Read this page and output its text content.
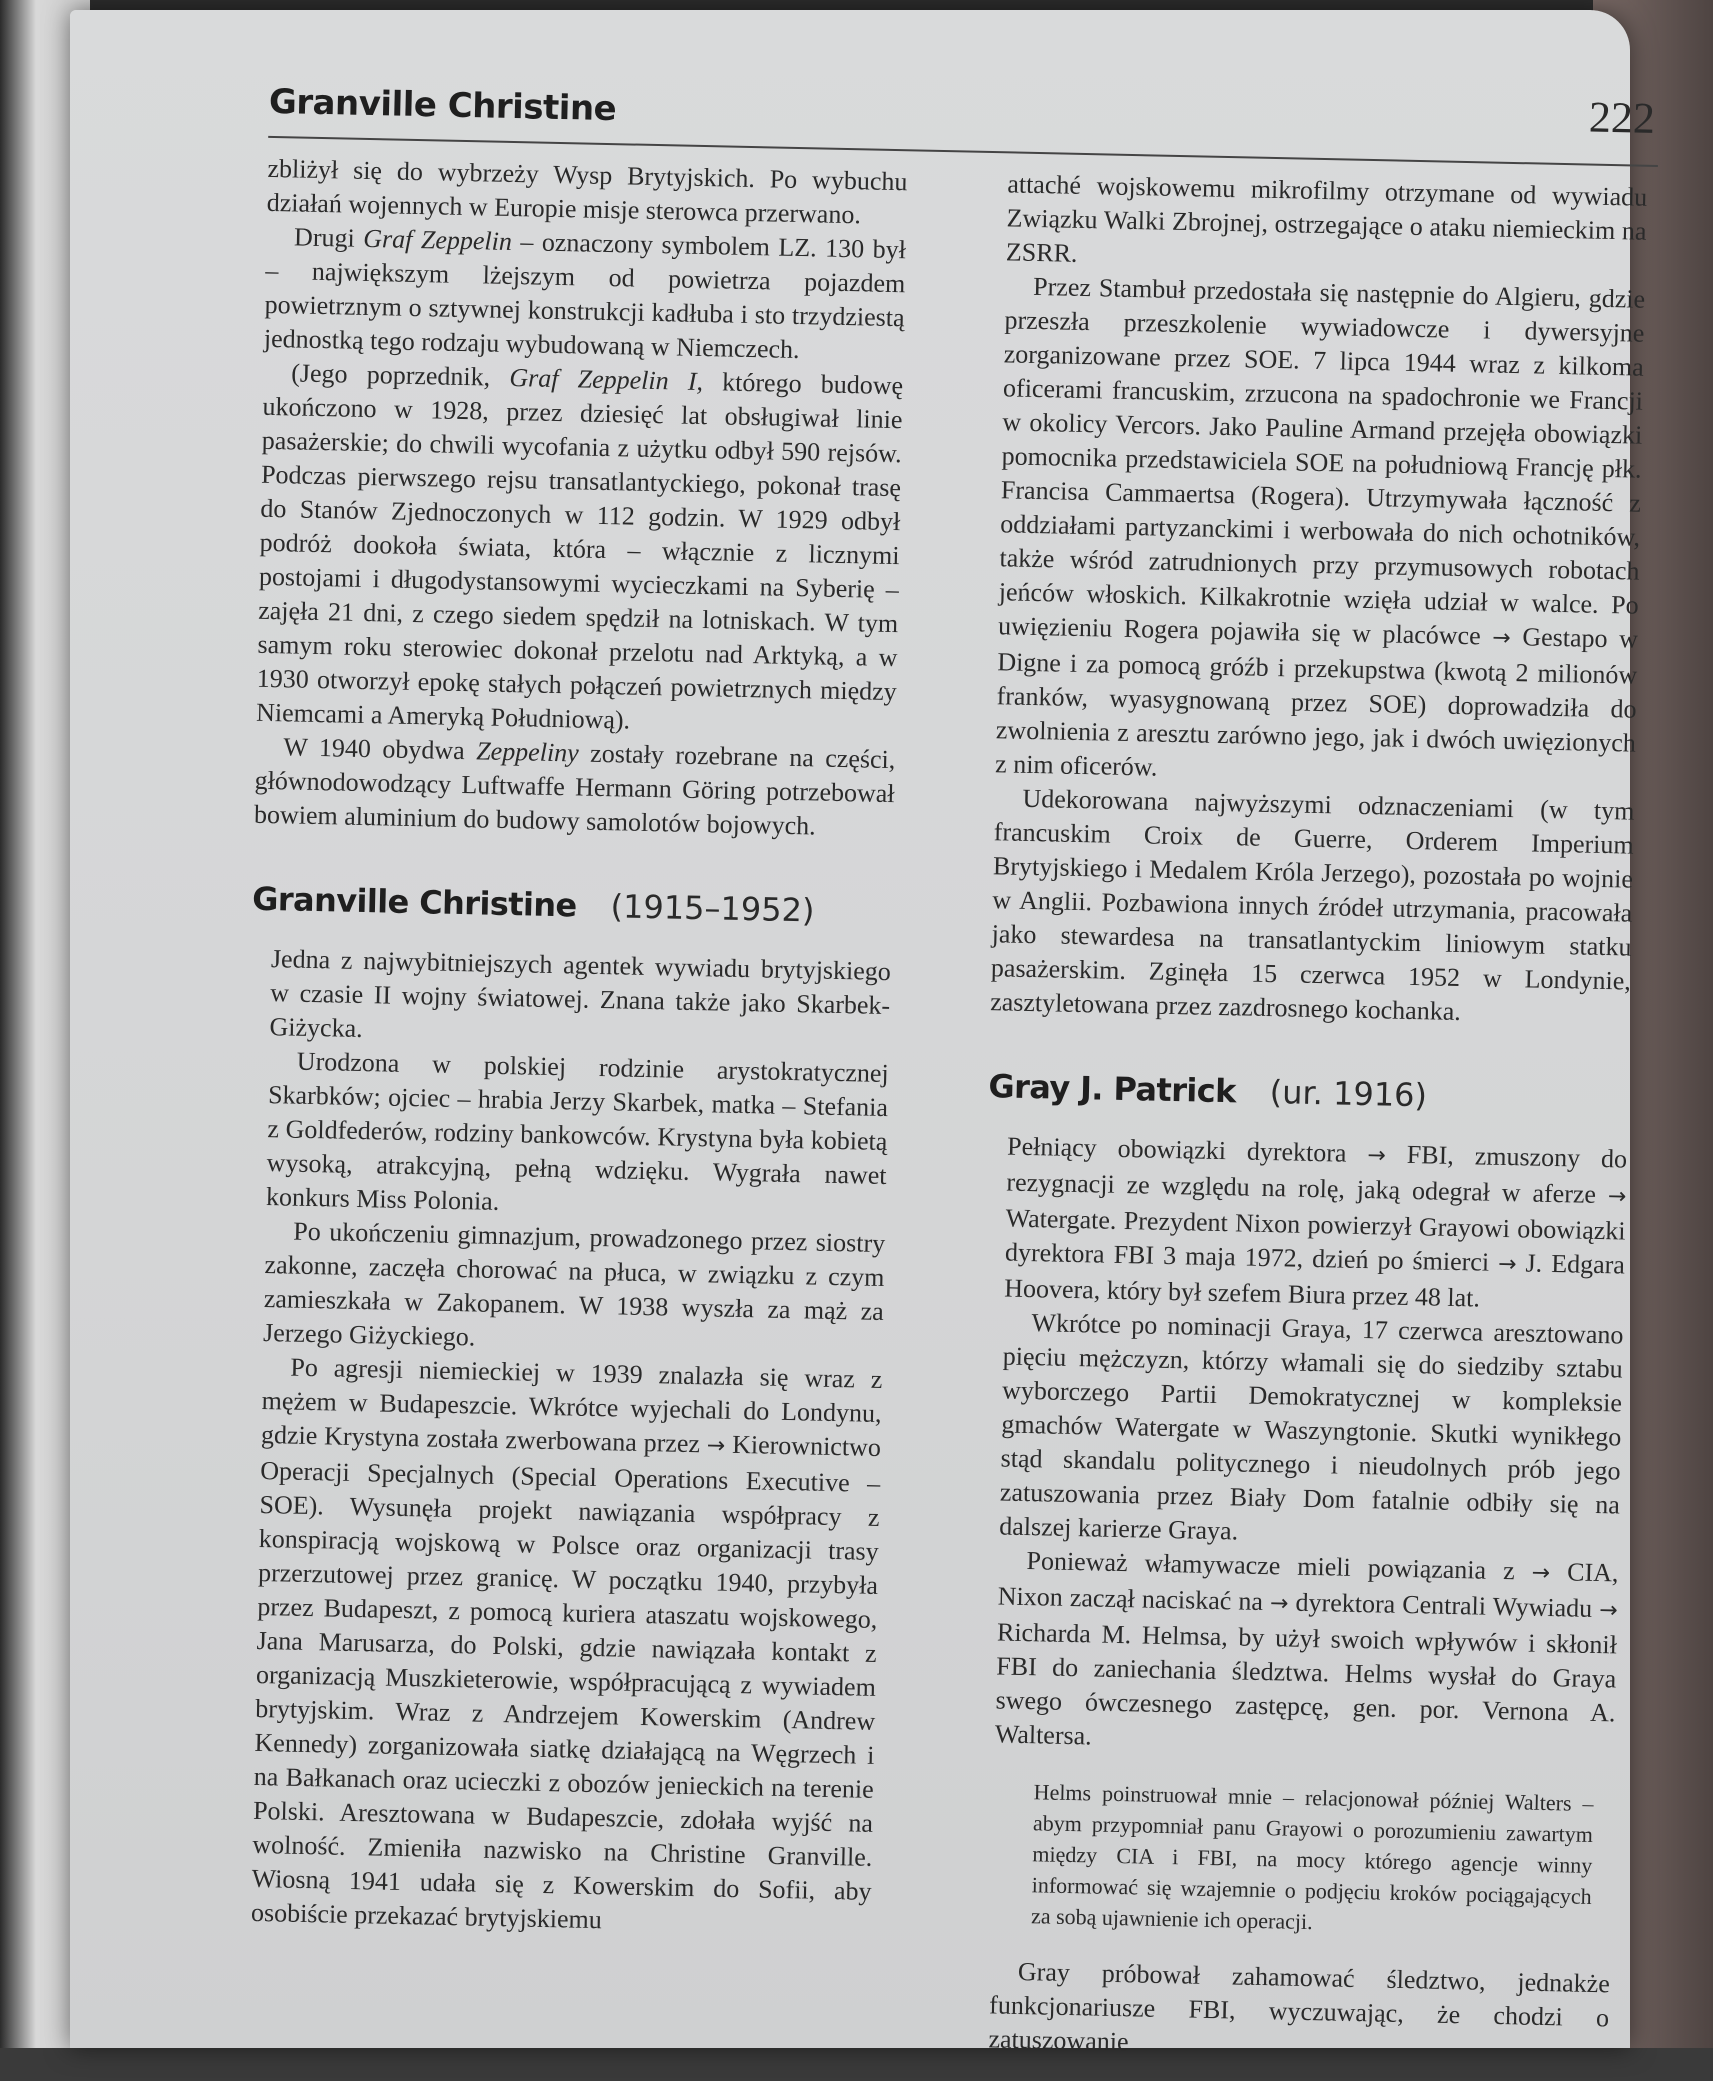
Granville Christine	222

zbliżył się do wybrzeży Wysp Brytyjskich. Po wybuchu działań wojennych w Europie misje sterowca przerwano.

Drugi Graf Zeppelin – oznaczony symbolem LZ. 130 był – największym lżejszym od powietrza pojazdem powietrznym o sztywnej konstrukcji kadłuba i sto trzydziestą jednostką tego rodzaju wybudowaną w Niemczech.

(Jego poprzednik, Graf Zeppelin I, którego budowę ukończono w 1928, przez dziesięć lat obsługiwał linie pasażerskie; do chwili wycofania z użytku odbył 590 rejsów. Podczas pierwszego rejsu transatlantyckiego, pokonał trasę do Stanów Zjednoczonych w 112 godzin. W 1929 odbył podróż dookoła świata, która – włącznie z licznymi postojami i długodystansowymi wycieczkami na Syberię – zajęła 21 dni, z czego siedem spędził na lotniskach. W tym samym roku sterowiec dokonał przelotu nad Arktyką, a w 1930 otworzył epokę stałych połączeń powietrznych między Niemcami a Ameryką Południową).

W 1940 obydwa Zeppeliny zostały rozebrane na części, głównodowodzący Luftwaffe Hermann Göring potrzebował bowiem aluminium do budowy samolotów bojowych.

Granville Christine (1915–1952)

Jedna z najwybitniejszych agentek wywiadu brytyjskiego w czasie II wojny światowej. Znana także jako Skarbek-Giżycka.

Urodzona w polskiej rodzinie arystokratycznej Skarbków; ojciec – hrabia Jerzy Skarbek, matka – Stefania z Goldfederów, rodziny bankowców. Krystyna była kobietą wysoką, atrakcyjną, pełną wdzięku. Wygrała nawet konkurs Miss Polonia.

Po ukończeniu gimnazjum, prowadzonego przez siostry zakonne, zaczęła chorować na płuca, w związku z czym zamieszkała w Zakopanem. W 1938 wyszła za mąż za Jerzego Giżyckiego.

Po agresji niemieckiej w 1939 znalazła się wraz z mężem w Budapeszcie. Wkrótce wyjechali do Londynu, gdzie Krystyna została zwerbowana przez → Kierownictwo Operacji Specjalnych (Special Operations Executive – SOE). Wysunęła projekt nawiązania współpracy z konspiracją wojskową w Polsce oraz organizacji trasy przerzutowej przez granicę. W początku 1940, przybyła przez Budapeszt, z pomocą kuriera ataszatu wojskowego, Jana Marusarza, do Polski, gdzie nawiązała kontakt z organizacją Muszkieterowie, współpracującą z wywiadem brytyjskim. Wraz z Andrzejem Kowerskim (Andrew Kennedy) zorganizowała siatkę działającą na Węgrzech i na Bałkanach oraz ucieczki z obozów jenieckich na terenie Polski. Aresztowana w Budapeszcie, zdołała wyjść na wolność. Zmieniła nazwisko na Christine Granville. Wiosną 1941 udała się z Kowerskim do Sofii, aby osobiście przekazać brytyjskiemu

attaché wojskowemu mikrofilmy otrzymane od wywiadu Związku Walki Zbrojnej, ostrzegające o ataku niemieckim na ZSRR.

Przez Stambuł przedostała się następnie do Algieru, gdzie przeszła przeszkolenie wywiadowcze i dywersyjne zorganizowane przez SOE. 7 lipca 1944 wraz z kilkoma oficerami francuskim, zrzucona na spadochronie we Francji w okolicy Vercors. Jako Pauline Armand przejęła obowiązki pomocnika przedstawiciela SOE na południową Francję płk. Francisa Cammaertsa (Rogera). Utrzymywała łączność z oddziałami partyzanckimi i werbowała do nich ochotników, także wśród zatrudnionych przy przymusowych robotach jeńców włoskich. Kilkakrotnie wzięła udział w walce. Po uwięzieniu Rogera pojawiła się w placówce → Gestapo w Digne i za pomocą gróźb i przekupstwa (kwotą 2 milionów franków, wyasygnowaną przez SOE) doprowadziła do zwolnienia z aresztu zarówno jego, jak i dwóch uwięzionych z nim oficerów.

Udekorowana najwyższymi odznaczeniami (w tym francuskim Croix de Guerre, Orderem Imperium Brytyjskiego i Medalem Króla Jerzego), pozostała po wojnie w Anglii. Pozbawiona innych źródeł utrzymania, pracowała jako stewardesa na transatlantyckim liniowym statku pasażerskim. Zginęła 15 czerwca 1952 w Londynie, zasztyletowana przez zazdrosnego kochanka.

Gray J. Patrick (ur. 1916)

Pełniący obowiązki dyrektora → FBI, zmuszony do rezygnacji ze względu na rolę, jaką odegrał w aferze → Watergate. Prezydent Nixon powierzył Grayowi obowiązki dyrektora FBI 3 maja 1972, dzień po śmierci → J. Edgara Hoovera, który był szefem Biura przez 48 lat.

Wkrótce po nominacji Graya, 17 czerwca aresztowano pięciu mężczyzn, którzy włamali się do siedziby sztabu wyborczego Partii Demokratycznej w kompleksie gmachów Watergate w Waszyngtonie. Skutki wynikłego stąd skandalu politycznego i nieudolnych prób jego zatuszowania przez Biały Dom fatalnie odbiły się na dalszej karierze Graya.

Ponieważ włamywacze mieli powiązania z → CIA, Nixon zaczął naciskać na → dyrektora Centrali Wywiadu → Richarda M. Helmsa, by użył swoich wpływów i skłonił FBI do zaniechania śledztwa. Helms wysłał do Graya swego ówczesnego zastępcę, gen. por. Vernona A. Waltersa.

Helms poinstruował mnie – relacjonował później Walters – abym przypomniał panu Grayowi o porozumieniu zawartym między CIA i FBI, na mocy którego agencje winny informować się wzajemnie o podjęciu kroków pociągających za sobą ujawnienie ich operacji.

Gray próbował zahamować śledztwo, jednakże funkcjonariusze FBI, wyczuwając, że chodzi o zatuszowanie
